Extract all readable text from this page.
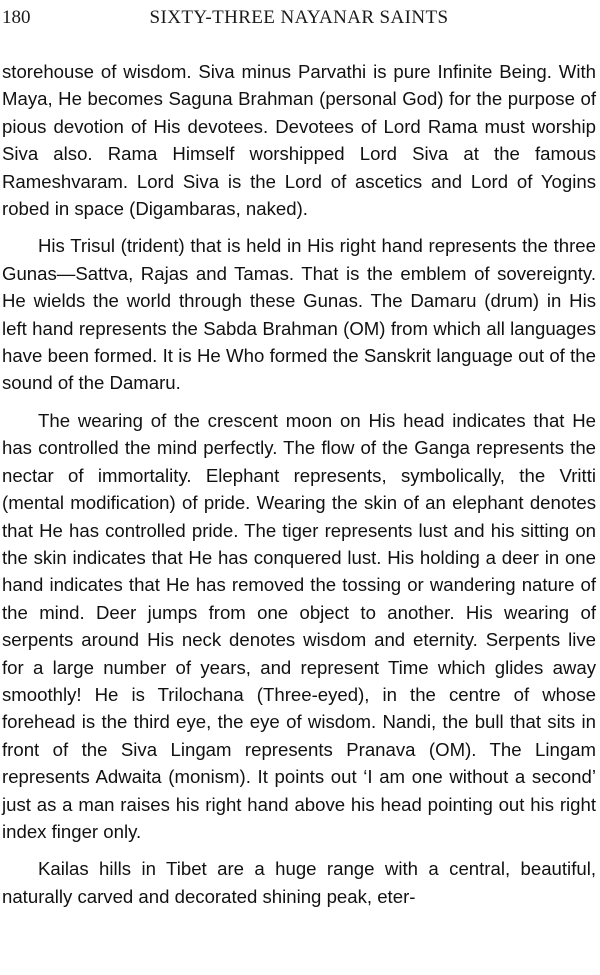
180	SIXTY-THREE NAYANAR SAINTS

storehouse of wisdom. Siva minus Parvathi is pure Infinite Being. With Maya, He becomes Saguna Brahman (personal God) for the purpose of pious devotion of His devotees. Devotees of Lord Rama must worship Siva also. Rama Himself worshipped Lord Siva at the famous Rameshvaram. Lord Siva is the Lord of ascetics and Lord of Yogins robed in space (Digambaras, naked).

His Trisul (trident) that is held in His right hand represents the three Gunas—Sattva, Rajas and Tamas. That is the emblem of sovereignty. He wields the world through these Gunas. The Damaru (drum) in His left hand represents the Sabda Brahman (OM) from which all languages have been formed. It is He Who formed the Sanskrit language out of the sound of the Damaru.

The wearing of the crescent moon on His head indicates that He has controlled the mind perfectly. The flow of the Ganga represents the nectar of immortality. Elephant represents, symbolically, the Vritti (mental modification) of pride. Wearing the skin of an elephant denotes that He has controlled pride. The tiger represents lust and his sitting on the skin indicates that He has conquered lust. His holding a deer in one hand indicates that He has removed the tossing or wandering nature of the mind. Deer jumps from one object to another. His wearing of serpents around His neck denotes wisdom and eternity. Serpents live for a large number of years, and represent Time which glides away smoothly! He is Trilochana (Three-eyed), in the centre of whose forehead is the third eye, the eye of wisdom. Nandi, the bull that sits in front of the Siva Lingam represents Pranava (OM). The Lingam represents Adwaita (monism). It points out ‘I am one without a second’ just as a man raises his right hand above his head pointing out his right index finger only.

Kailas hills in Tibet are a huge range with a central, beautiful, naturally carved and decorated shining peak, eter-
